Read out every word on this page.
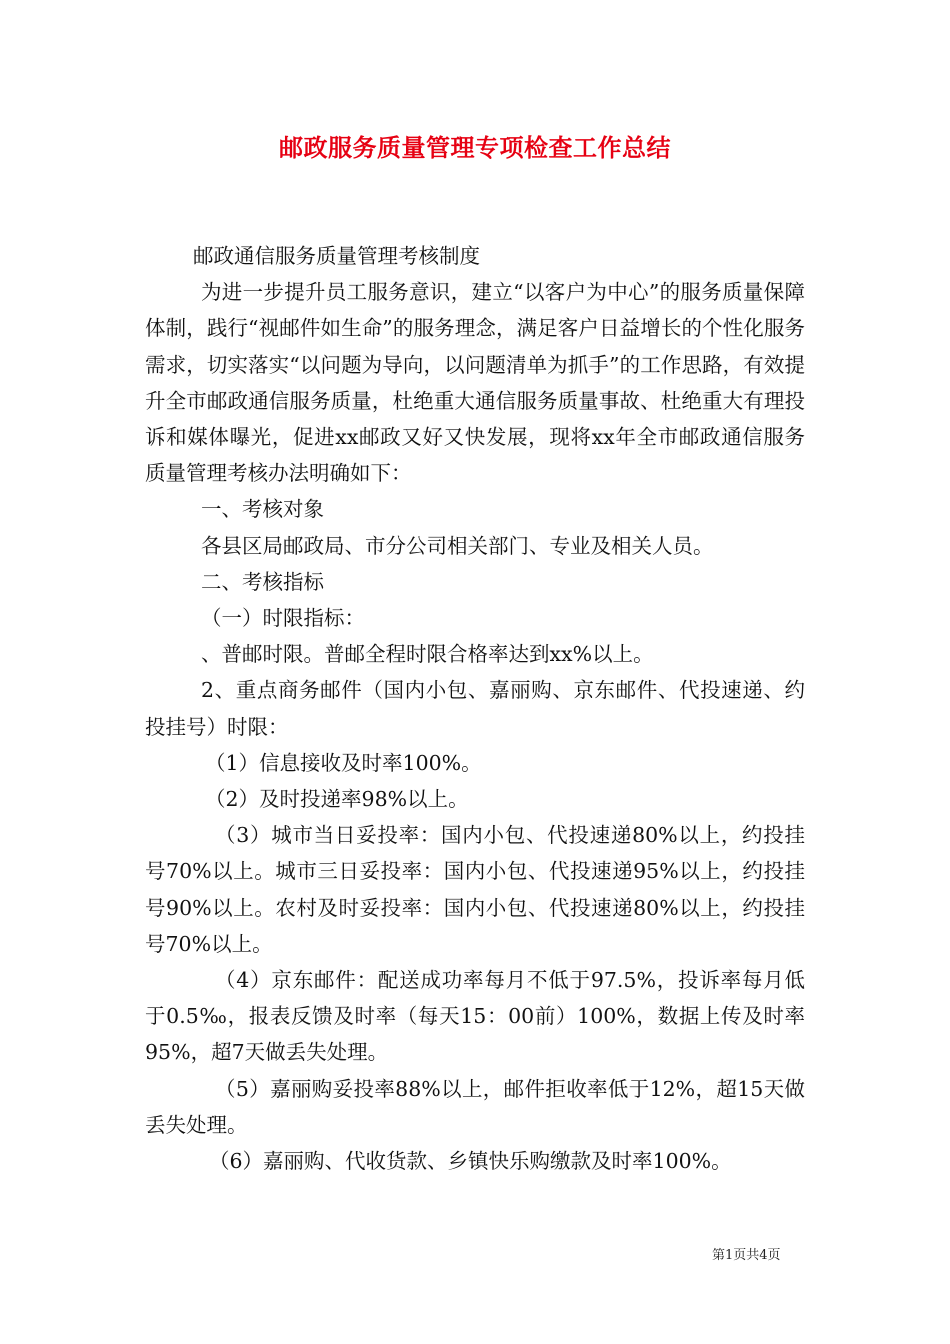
邮政服务质量管理专项检查工作总结

邮政通信服务质量管理考核制度

为进一步提升员工服务意识，建立“以客户为中心”的服务质量保障体制，践行“视邮件如生命”的服务理念，满足客户日益增长的个性化服务需求，切实落实“以问题为导向，以问题清单为抓手”的工作思路，有效提升全市邮政通信服务质量，杜绝重大通信服务质量事故、杜绝重大有理投诉和媒体曝光，促进xx邮政又好又快发展，现将xx年全市邮政通信服务质量管理考核办法明确如下：

一、考核对象

各县区局邮政局、市分公司相关部门、专业及相关人员。

二、考核指标

（一）时限指标：

、普邮时限。普邮全程时限合格率达到xx%以上。

2、重点商务邮件（国内小包、嘉丽购、京东邮件、代投速递、约投挂号）时限：

（1）信息接收及时率100%。

（2）及时投递率98%以上。

（3）城市当日妥投率：国内小包、代投速递80%以上，约投挂号70%以上。城市三日妥投率：国内小包、代投速递95%以上，约投挂号90%以上。农村及时妥投率：国内小包、代投速递80%以上，约投挂号70%以上。

（4）京东邮件：配送成功率每月不低于97.5%，投诉率每月低于0.5‰，报表反馈及时率（每天15：00前）100%，数据上传及时率95%，超7天做丢失处理。

（5）嘉丽购妥投率88%以上，邮件拒收率低于12%，超15天做丢失处理。

（6）嘉丽购、代收货款、乡镇快乐购缴款及时率100%。

第1页共4页
